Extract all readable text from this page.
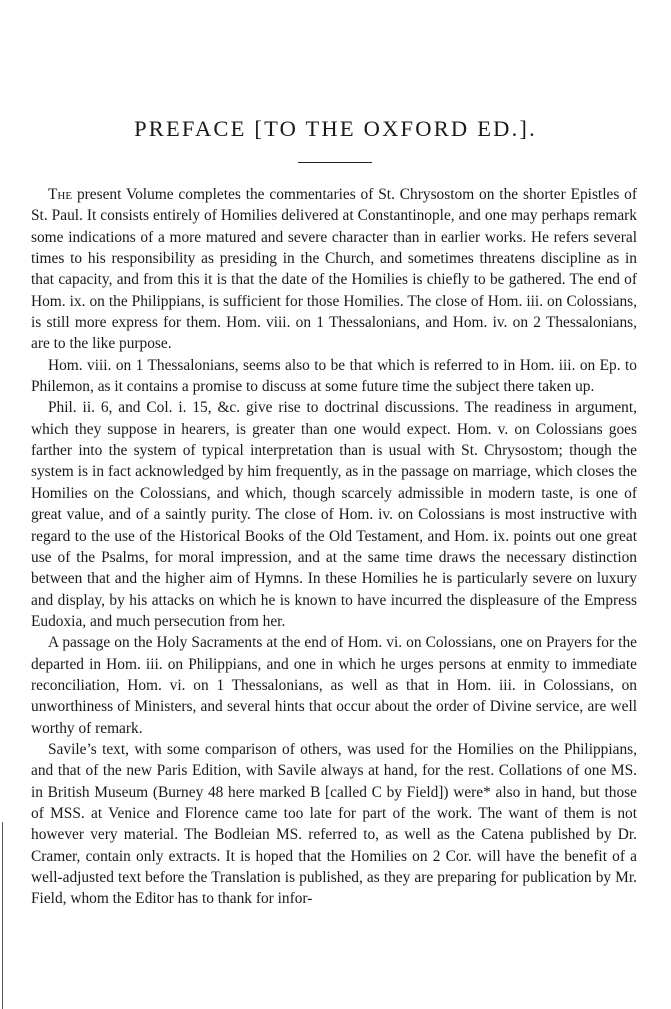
PREFACE [TO THE OXFORD ED.].

The present Volume completes the commentaries of St. Chrysostom on the shorter Epistles of St. Paul. It consists entirely of Homilies delivered at Constantinople, and one may perhaps remark some indications of a more matured and severe character than in earlier works. He refers several times to his responsibility as presiding in the Church, and sometimes threatens discipline as in that capacity, and from this it is that the date of the Homilies is chiefly to be gathered. The end of Hom. ix. on the Philippians, is sufficient for those Homilies. The close of Hom. iii. on Colossians, is still more express for them. Hom. viii. on 1 Thessalonians, and Hom. iv. on 2 Thessalonians, are to the like purpose.

Hom. viii. on 1 Thessalonians, seems also to be that which is referred to in Hom. iii. on Ep. to Philemon, as it contains a promise to discuss at some future time the subject there taken up.

Phil. ii. 6, and Col. i. 15, &c. give rise to doctrinal discussions. The readiness in argument, which they suppose in hearers, is greater than one would expect. Hom. v. on Colossians goes farther into the system of typical interpretation than is usual with St. Chrysostom; though the system is in fact acknowledged by him frequently, as in the passage on marriage, which closes the Homilies on the Colossians, and which, though scarcely admissible in modern taste, is one of great value, and of a saintly purity. The close of Hom. iv. on Colossians is most instructive with regard to the use of the Historical Books of the Old Testament, and Hom. ix. points out one great use of the Psalms, for moral impression, and at the same time draws the necessary distinction between that and the higher aim of Hymns. In these Homilies he is particularly severe on luxury and display, by his attacks on which he is known to have incurred the displeasure of the Empress Eudoxia, and much persecution from her.

A passage on the Holy Sacraments at the end of Hom. vi. on Colossians, one on Prayers for the departed in Hom. iii. on Philippians, and one in which he urges persons at enmity to immediate reconciliation, Hom. vi. on 1 Thessalonians, as well as that in Hom. iii. in Colossians, on unworthiness of Ministers, and several hints that occur about the order of Divine service, are well worthy of remark.

Savile’s text, with some comparison of others, was used for the Homilies on the Philippians, and that of the new Paris Edition, with Savile always at hand, for the rest. Collations of one MS. in British Museum (Burney 48 here marked B [called C by Field]) were* also in hand, but those of MSS. at Venice and Florence came too late for part of the work. The want of them is not however very material. The Bodleian MS. referred to, as well as the Catena published by Dr. Cramer, contain only extracts. It is hoped that the Homilies on 2 Cor. will have the benefit of a well-adjusted text before the Translation is published, as they are preparing for publication by Mr. Field, whom the Editor has to thank for infor-
